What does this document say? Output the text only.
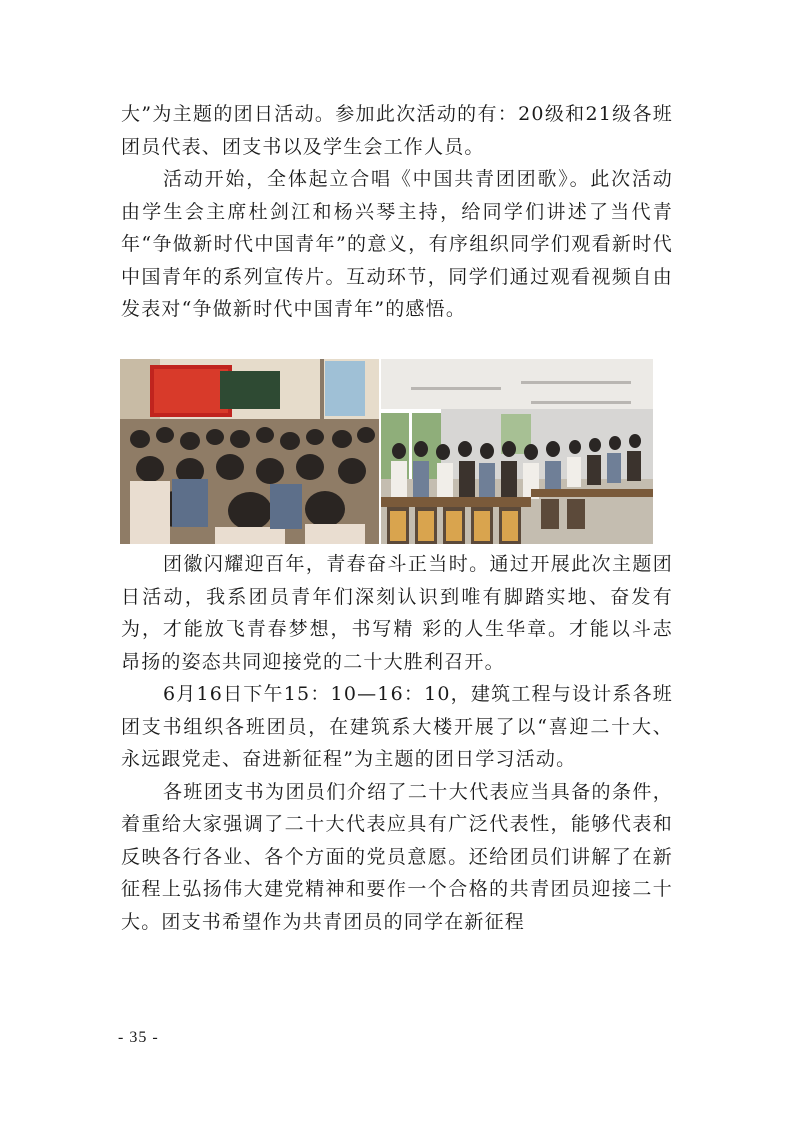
大”为主题的团日活动。参加此次活动的有：20级和21级各班团员代表、团支书以及学生会工作人员。

活动开始，全体起立合唱《中国共青团团歌》。此次活动由学生会主席杜剑江和杨兴琴主持，给同学们讲述了当代青年“争做新时代中国青年”的意义，有序组织同学们观看新时代中国青年的系列宣传片。互动环节，同学们通过观看视频自由发表对“争做新时代中国青年”的感悟。

团徽闪耀迎百年，青春奋斗正当时。通过开展此次主题团日活动，我系团员青年们深刻认识到唯有脚踏实地、奋发有为，才能放飞青春梦想，书写精 彩的人生华章。才能以斗志昂扬的姿态共同迎接党的二十大胜利召开。

6月16日下午15：10—16：10，建筑工程与设计系各班团支书组织各班团员，在建筑系大楼开展了以“喜迎二十大、永远跟党走、奋进新征程”为主题的团日学习活动。

各班团支书为团员们介绍了二十大代表应当具备的条件，着重给大家强调了二十大代表应具有广泛代表性，能够代表和反映各行各业、各个方面的党员意愿。还给团员们讲解了在新征程上弘扬伟大建党精神和要作一个合格的共青团员迎接二十大。团支书希望作为共青团员的同学在新征程

- 35 -
